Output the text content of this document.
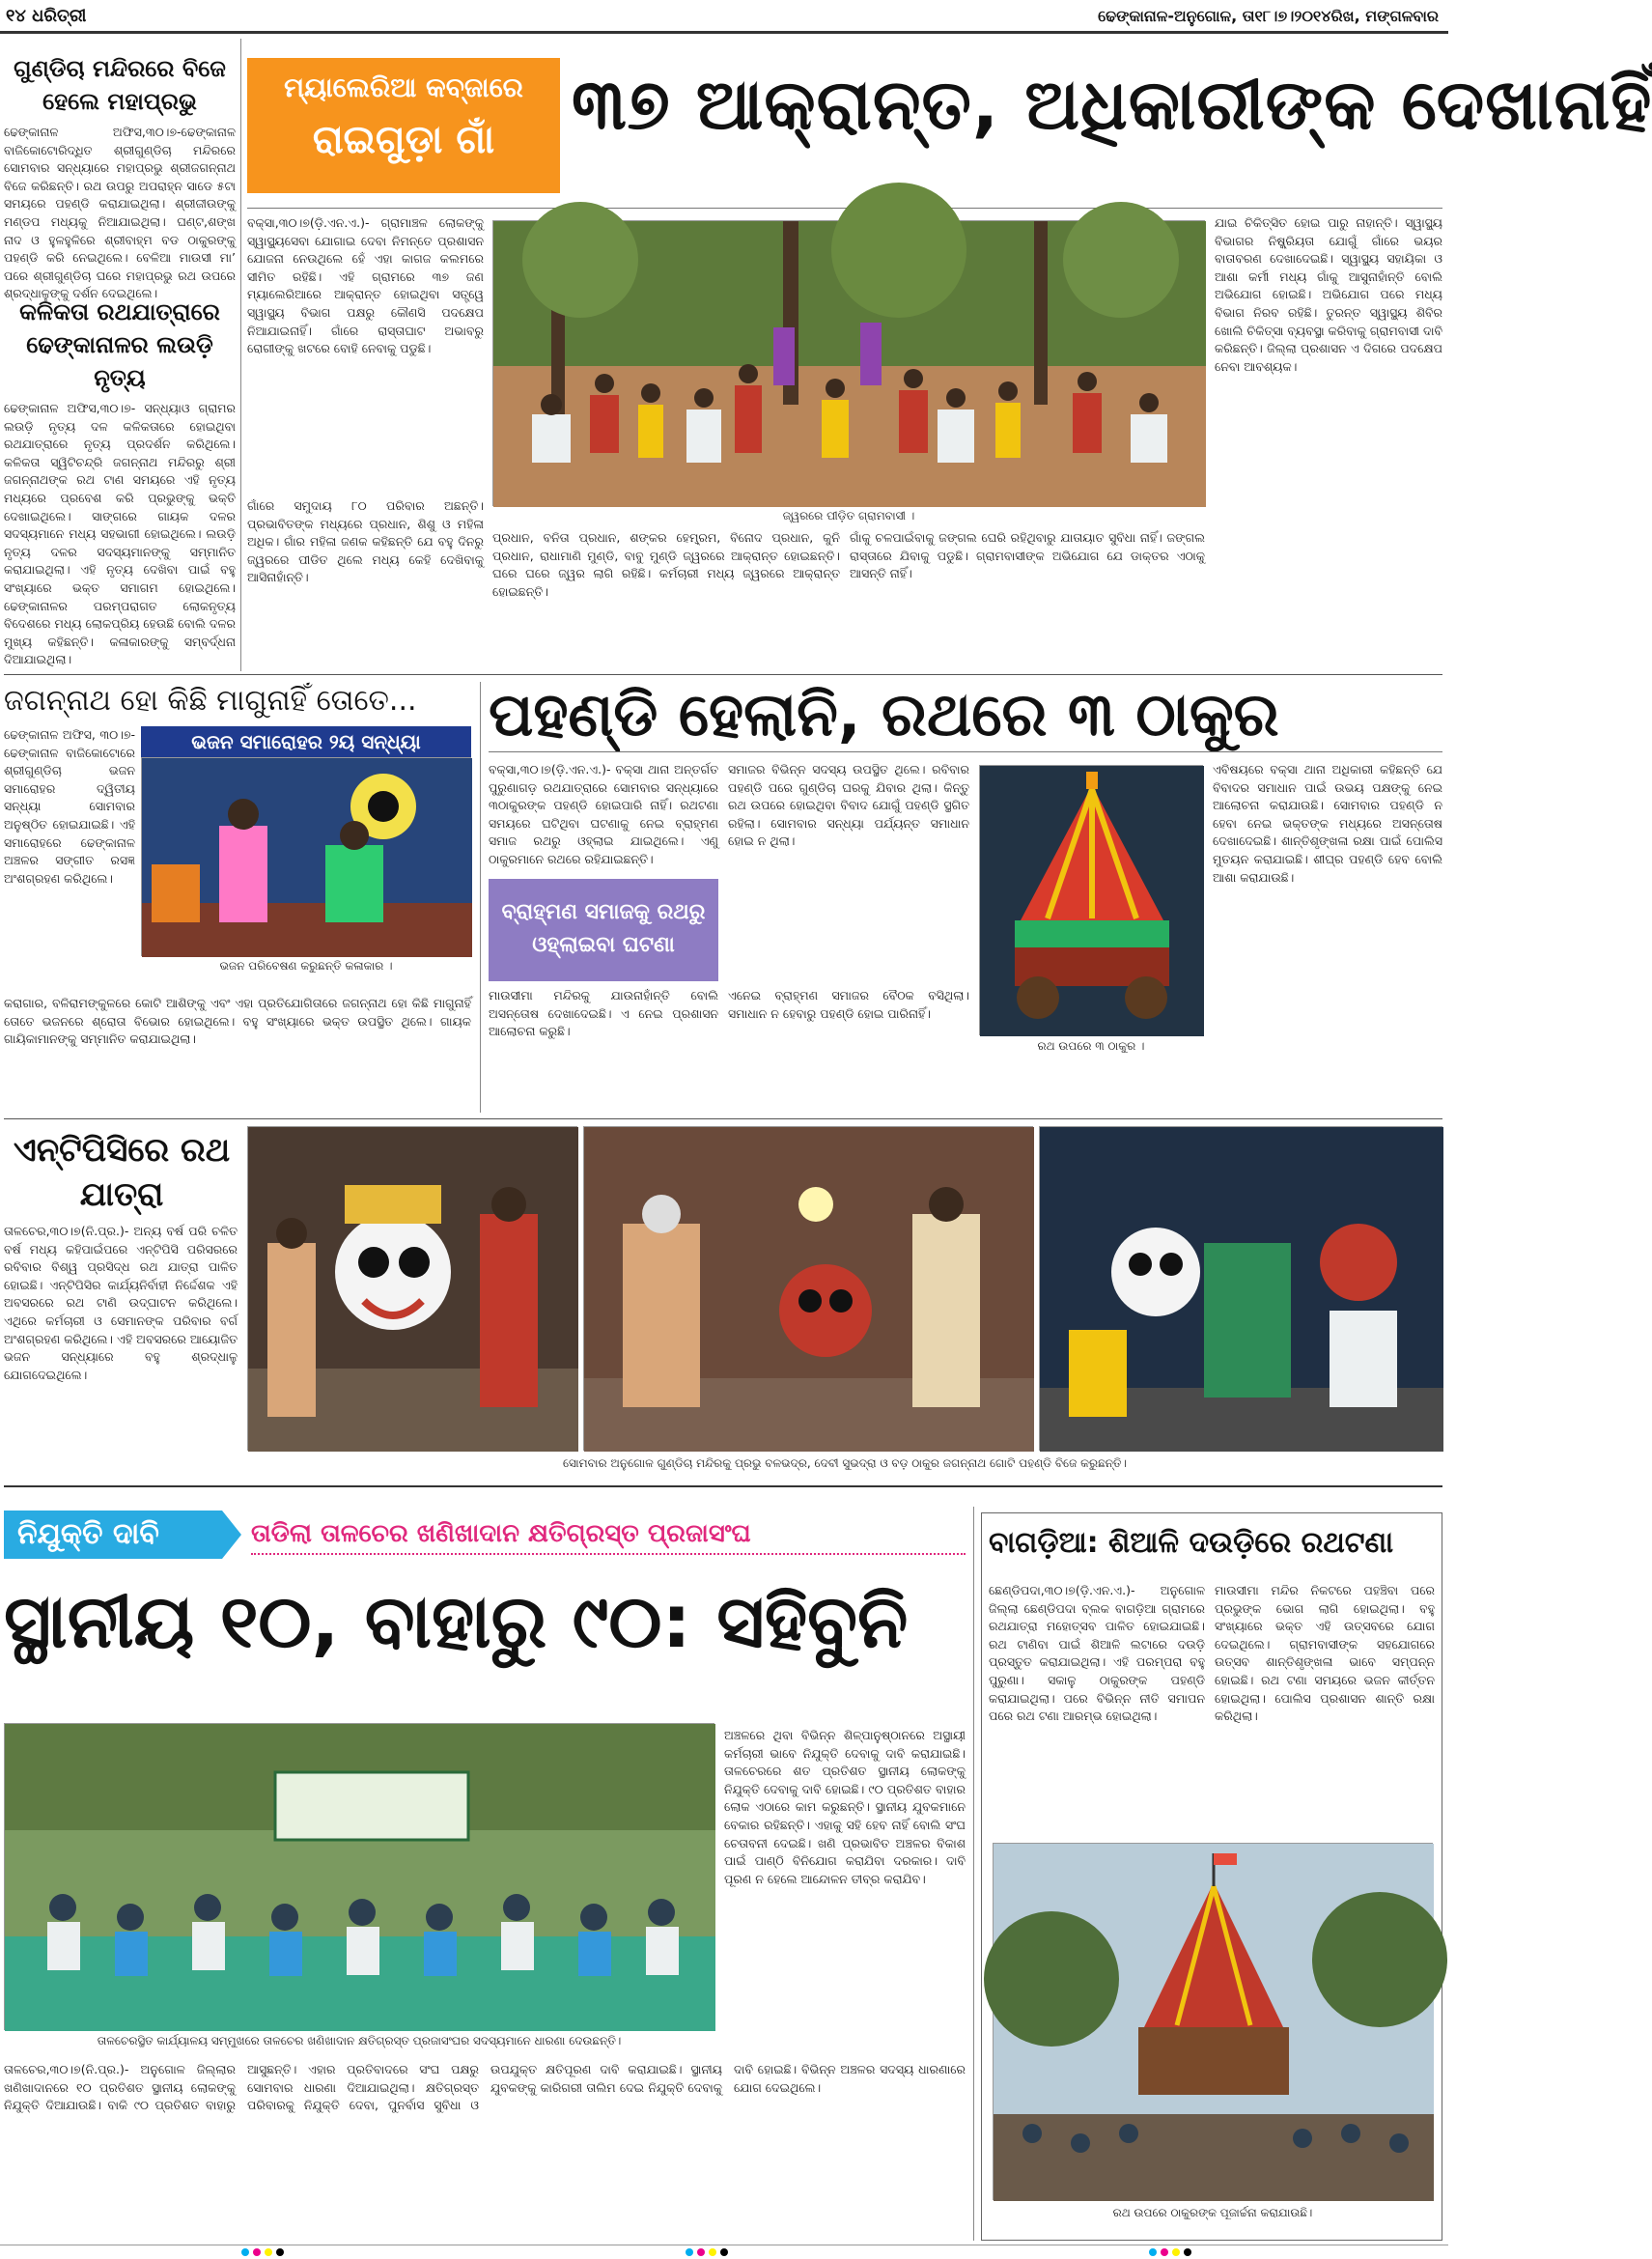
୧୪ ଧରିତ୍ରୀ	ଢେଙ୍କାନାଳ-ଅନୁଗୋଳ, ତା୧୮।୭।୨୦୧୪ରିଖ, ମଙ୍ଗଳବାର
ଗୁଣ୍ଡିଚା ମନ୍ଦିରରେ ବିଜେ ହେଲେ ମହାପ୍ରଭୁ
ଢେଙ୍କାନାଳ ଅଫିସ,୩୦।୭-ଢେଙ୍କାନାଳ ବାଜିକୋଟୋରିଦ୍ଧିତ ଶ୍ରୀଗୁଣ୍ଡିଚା ମନ୍ଦିରରେ ସୋମବାର ସନ୍ଧ୍ୟାରେ ମହାପ୍ରଭୁ ଶ୍ରୀଜଗନ୍ନାଥ ବିଜେ କରିଛନ୍ତି। ରଥ ଉପରୁ ଅପରାହ୍ନ ସାଡେ ୫ଟା ସମୟରେ ପହଣ୍ଡି କରାଯାଇଥିଲା। ଶ୍ରୀଜୀଉଙ୍କୁ ମଣ୍ଡପ ମଧ୍ୟକୁ ନିଆଯାଇଥିଲା। ଘଣ୍ଟ,ଶଙ୍ଖ ନାଦ ଓ ହୁଳହୁଳିରେ ଶ୍ରୀବାହ୍ମ ବଡ ଠାକୁରଙ୍କୁ ପହଣ୍ଡି କରି ନେଇଥିଲେ। ବେଳିଆ ମାଉସୀ ମା’ ପରେ ଶ୍ରୀଗୁଣ୍ଡିଚା ଘରେ ମହାପ୍ରଭୁ ରଥ ଉପରେ ଶ୍ରଦ୍ଧାଳୁଙ୍କୁ ଦର୍ଶନ ଦେଇଥିଲେ।
କଳିକତା ରଥଯାତ୍ରାରେ ଢେଙ୍କାନାଳର ଲଉଡ଼ି ନୃତ୍ୟ
ଢେଙ୍କାନାଳ ଅଫିସ,୩୦।୭- ସନ୍ଧ୍ୟାଓ ଗ୍ରାମର ଲଉଡ଼ି ନୃତ୍ୟ ଦଳ କଳିକତାରେ ହୋଇଥିବା ରଥଯାତ୍ରାରେ ନୃତ୍ୟ ପ୍ରଦର୍ଶନ କରିଥିଲେ। କଳିକତା ସ୍ୱିଟିଚନ୍ଦ୍ରି ଜଗନ୍ନାଥ ମନ୍ଦିରରୁ ଶ୍ରୀ ଜଗନ୍ନାଥଙ୍କ ରଥ ଟାଣ ସମୟରେ ଏହି ନୃତ୍ୟ ମଧ୍ୟରେ ପ୍ରବେଶ କରି ପ୍ରଭୁଙ୍କୁ ଭକ୍ତି ଦେଖାଇଥିଲେ। ସାଙ୍ଗରେ ଗାୟକ ଦଳର ସଦସ୍ୟମାନେ ମଧ୍ୟ ସହଭାଗୀ ହୋଇଥିଲେ। ଲଉଡ଼ି ନୃତ୍ୟ ଦଳର ସଦସ୍ୟମାନଙ୍କୁ ସମ୍ମାନିତ କରାଯାଇଥିଲା। ଏହି ନୃତ୍ୟ ଦେଖିବା ପାଇଁ ବହୁ ସଂଖ୍ୟାରେ ଭକ୍ତ ସମାଗମ ହୋଇଥିଲେ। ଢେଙ୍କାନାଳର ପରମ୍ପରାଗତ ଲୋକନୃତ୍ୟ ବିଦେଶରେ ମଧ୍ୟ ଲୋକପ୍ରିୟ ହେଉଛି ବୋଲି ଦଳର ମୁଖ୍ୟ କହିଛନ୍ତି। କଳାକାରଙ୍କୁ ସମ୍ବର୍ଦ୍ଧନା ଦିଆଯାଇଥିଲା।
ମ୍ୟାଲେରିଆ କବ୍‌ଜାରେ
ରାଇଗୁଡ଼ା ଗାଁ	୩୭ ଆକ୍ରାନ୍ତ, ଅଧିକାରୀଙ୍କ ଦେଖାନାହିଁ
ବକ୍ସା,୩୦।୭(ଡ଼ି.ଏନ.ଏ.)- ଗ୍ରାମାଞ୍ଚଳ ଲୋକଙ୍କୁ ସ୍ୱାସ୍ଥ୍ୟସେବା ଯୋଗାଇ ଦେବା ନିମନ୍ତେ ପ୍ରଶାସନ ଯୋଜନା ନେଉଥିଲେ ହେଁ ଏହା କାଗଜ କଲମରେ ସୀମିତ ରହିଛି। ଏହି ଗ୍ରାମରେ ୩୭ ଜଣ ମ୍ୟାଲେରିଆରେ ଆକ୍ରାନ୍ତ ହୋଇଥିବା ସତ୍ତ୍ୱେ ସ୍ୱାସ୍ଥ୍ୟ ବିଭାଗ ପକ୍ଷରୁ କୌଣସି ପଦକ୍ଷେପ ନିଆଯାଇନାହିଁ। ଗାଁରେ ରାସ୍ତାଘାଟ ଅଭାବରୁ ରୋଗୀଙ୍କୁ ଖଟରେ ବୋହି ନେବାକୁ ପଡୁଛି।
ଗାଁରେ ସମୁଦାୟ ୮୦ ପରିବାର ଅଛନ୍ତି। ପ୍ରଭାବିତଙ୍କ ମଧ୍ୟରେ ପ୍ରଧାନ, ଶିଶୁ ଓ ମହିଳା ଅଧିକ। ଗାଁର ମହିଳା ଜଣକ କହିଛନ୍ତି ଯେ ବହୁ ଦିନରୁ ଜ୍ୱରରେ ପୀଡିତ ଥିଲେ ମଧ୍ୟ କେହି ଦେଖିବାକୁ ଆସିନାହାଁନ୍ତି।
ଜ୍ୱରରେ ପୀଡ଼ିତ ଗ୍ରାମବାସୀ ।
ପ୍ରଧାନ, ବନିତା ପ୍ରଧାନ, ଶଙ୍କର ହେମ୍ବ୍ରମ, ବିନୋଦ ପ୍ରଧାନ, କୁନି ପ୍ରଧାନ, ରାଧାମାଣି ମୁଣ୍ଡି, ବାବୁ ମୁଣ୍ଡି ଜ୍ୱରରେ ଆକ୍ରାନ୍ତ ହୋଇଛନ୍ତି। ଘରେ ଘରେ ଜ୍ୱର ଲାଗି ରହିଛି। କର୍ମଚାରୀ ମଧ୍ୟ ଜ୍ୱରରେ ଆକ୍ରାନ୍ତ ହୋଇଛନ୍ତି।
ଗାଁକୁ ଚଳପାଇଁବାକୁ ଜଙ୍ଗଲ ଘେରି ରହିଥିବାରୁ ଯାତାୟାତ ସୁବିଧା ନାହିଁ। ଜଙ୍ଗଲ ରାସ୍ତାରେ ଯିବାକୁ ପଡୁଛି। ଗ୍ରାମବାସୀଙ୍କ ଅଭିଯୋଗ ଯେ ଡାକ୍ତର ଏଠାକୁ ଆସନ୍ତି ନାହିଁ।
ଯାଇ ଚିକିତ୍ସିତ ହୋଇ ପାରୁ ନାହାନ୍ତି। ସ୍ୱାସ୍ଥ୍ୟ ବିଭାଗର ନିଷ୍କ୍ରିୟତା ଯୋଗୁଁ ଗାଁରେ ଭୟର ବାତାବରଣ ଦେଖାଦେଇଛି। ସ୍ୱାସ୍ଥ୍ୟ ସହାୟିକା ଓ ଆଶା କର୍ମୀ ମଧ୍ୟ ଗାଁକୁ ଆସୁନାହାଁନ୍ତି ବୋଲି ଅଭିଯୋଗ ହୋଇଛି। ଅଭିଯୋଗ ପରେ ମଧ୍ୟ ବିଭାଗ ନିରବ ରହିଛି। ତୁରନ୍ତ ସ୍ୱାସ୍ଥ୍ୟ ଶିବିର ଖୋଲି ଚିକିତ୍ସା ବ୍ୟବସ୍ଥା କରିବାକୁ ଗ୍ରାମବାସୀ ଦାବି କରିଛନ୍ତି। ଜିଲ୍ଲା ପ୍ରଶାସନ ଏ ଦିଗରେ ପଦକ୍ଷେପ ନେବା ଆବଶ୍ୟକ।
ଜଗନ୍ନାଥ ହୋ କିଛି ମାଗୁନାହିଁ ତୋତେ...
ଢେଙ୍କାନାଳ ଅଫିସ, ୩୦।୭-ଢେଙ୍କାନାଳ ବାଜିକୋଟୋରେ ଶ୍ରୀଗୁଣ୍ଡିଚା ଭଜନ ସମାରୋହର ଦ୍ୱିତୀୟ ସନ୍ଧ୍ୟା ସୋମବାର ଅନୁଷ୍ଠିତ ହୋଇଯାଇଛି। ଏହି ସମାରୋହରେ ଢେଙ୍କାନାଳ ଅଞ୍ଚଳର ସଙ୍ଗୀତ ରସଜ୍ଞ ଅଂଶଗ୍ରହଣ କରିଥିଲେ।
ଭଜନ ସମାରୋହର ୨ୟ ସନ୍ଧ୍ୟା
ଭଜନ ପରିବେଷଣ କରୁଛନ୍ତି କଳାକାର ।
କରାଗାର, ବଳିରାମଙ୍କୁଳରେ କୋଟି ଆଶିଙ୍କୁ ଏବଂ ଏହା ପ୍ରତିଯୋଗିତାରେ ଜଗନ୍ନାଥ ହୋ କିଛି ମାଗୁନାହିଁ ତୋତେ ଭଜନରେ ଶ୍ରୋତା ବିଭୋର ହୋଇଥିଲେ। ବହୁ ସଂଖ୍ୟାରେ ଭକ୍ତ ଉପସ୍ଥିତ ଥିଲେ। ଗାୟକ ଗାୟିକାମାନଙ୍କୁ ସମ୍ମାନିତ କରାଯାଇଥିଲା।
ପହଣ୍ଡି ହେଲାନି, ରଥରେ ୩ ଠାକୁର
ବକ୍ସା,୩୦।୭(ଡ଼ି.ଏନ.ଏ.)- ବକ୍ସା ଥାନା ଅନ୍ତର୍ଗତ ପୁରୁଣାଗଡ଼ ରଥଯାତ୍ରାରେ ସୋମବାର ସନ୍ଧ୍ୟାରେ ୩ଠାକୁରଙ୍କ ପହଣ୍ଡି ହୋଇପାରି ନାହିଁ। ରଥଟଣା ସମୟରେ ଘଟିଥିବା ଘଟଣାକୁ ନେଇ ବ୍ରାହ୍ମଣ ସମାଜ ରଥରୁ ଓହ୍ଲାଇ ଯାଇଥିଲେ। ଏଣୁ ଠାକୁରମାନେ ରଥରେ ରହିଯାଇଛନ୍ତି।
ବ୍ରାହ୍ମଣ ସମାଜକୁ ରଥରୁ ଓହ୍ଲାଇବା ଘଟଣା
ମାଉସୀମା ମନ୍ଦିରକୁ ଯାଉନାହାଁନ୍ତି ବୋଲି ଅସନ୍ତୋଷ ଦେଖାଦେଇଛି। ଏ ନେଇ ପ୍ରଶାସନ ଆଲୋଚନା କରୁଛି।
ସମାଜର ବିଭିନ୍ନ ସଦସ୍ୟ ଉପସ୍ଥିତ ଥିଲେ। ରବିବାର ପହଣ୍ଡି ପରେ ଗୁଣ୍ଡିଚା ଘରକୁ ଯିବାର ଥିଲା। କିନ୍ତୁ ରଥ ଉପରେ ହୋଇଥିବା ବିବାଦ ଯୋଗୁଁ ପହଣ୍ଡି ସ୍ଥଗିତ ରହିଲା। ସୋମବାର ସନ୍ଧ୍ୟା ପର୍ଯ୍ୟନ୍ତ ସମାଧାନ ହୋଇ ନ ଥିଲା।
ଏନେଇ ବ୍ରାହ୍ମଣ ସମାଜର ବୈଠକ ବସିଥିଲା। ସମାଧାନ ନ ହେବାରୁ ପହଣ୍ଡି ହୋଇ ପାରିନାହିଁ।
ରଥ ଉପରେ ୩ ଠାକୁର ।
ଏବିଷୟରେ ବକ୍ସା ଥାନା ଅଧିକାରୀ କହିଛନ୍ତି ଯେ ବିବାଦର ସମାଧାନ ପାଇଁ ଉଭୟ ପକ୍ଷଙ୍କୁ ନେଇ ଆଲୋଚନା କରାଯାଉଛି। ସୋମବାର ପହଣ୍ଡି ନ ହେବା ନେଇ ଭକ୍ତଙ୍କ ମଧ୍ୟରେ ଅସନ୍ତୋଷ ଦେଖାଦେଇଛି। ଶାନ୍ତିଶୃଙ୍ଖଳା ରକ୍ଷା ପାଇଁ ପୋଲିସ ମୁତୟନ କରାଯାଇଛି। ଶୀଘ୍ର ପହଣ୍ଡି ହେବ ବୋଲି ଆଶା କରାଯାଉଛି।
ଏନ୍‌ଟିପିସିରେ ରଥ ଯାତ୍ରା
ତାଳଚେର,୩୦।୭(ନି.ପ୍ର.)- ଅନ୍ୟ ବର୍ଷ ପରି ଚଳିତ ବର୍ଷ ମଧ୍ୟ କହିପାଇଁପରେ ଏନ୍‌ଟିପିସି ପରିସରରେ ରବିବାର ବିଶ୍ୱ ପ୍ରସିଦ୍ଧ ରଥ ଯାତ୍ରା ପାଳିତ ହୋଇଛି। ଏନ୍‌ଟିପିସିର କାର୍ଯ୍ୟନିର୍ବାହୀ ନିର୍ଦ୍ଦେଶକ ଏହି ଅବସରରେ ରଥ ଟାଣି ଉଦ୍‌ଘାଟନ କରିଥିଲେ। ଏଥିରେ କର୍ମଚାରୀ ଓ ସେମାନଙ୍କ ପରିବାର ବର୍ଗ ଅଂଶଗ୍ରହଣ କରିଥିଲେ। ଏହି ଅବସରରେ ଆୟୋଜିତ ଭଜନ ସନ୍ଧ୍ୟାରେ ବହୁ ଶ୍ରଦ୍ଧାଳୁ ଯୋଗଦେଇଥିଲେ।
ସୋମବାର ଅନୁଗୋଳ ଗୁଣ୍ଡିଚା ମନ୍ଦିରକୁ ପ୍ରଭୁ ବଳଭଦ୍ର, ଦେବୀ ସୁଭଦ୍ରା ଓ ବଡ଼ ଠାକୁର ଜଗନ୍ନାଥ ଗୋଟି ପହଣ୍ଡି ବିଜେ କରୁଛନ୍ତି।
ନିଯୁକ୍ତି ଦାବି	ତାଡିଲା ତାଳଚେର ଖଣିଖାଦାନ କ୍ଷତିଗ୍ରସ୍ତ ପ୍ରଜାସଂଘ
ସ୍ଥାନୀୟ ୧୦, ବାହାରୁ ୯୦: ସହିବୁନି
ତାଳଚେରସ୍ଥିତ କାର୍ଯ୍ୟାଳୟ ସମ୍ମୁଖରେ ତାଳଚେର ଖଣିଖାଦାନ କ୍ଷତିଗ୍ରସ୍ତ ପ୍ରଜାସଂଘର ସଦସ୍ୟମାନେ ଧାରଣା ଦେଉଛନ୍ତି।
ଅଞ୍ଚଳରେ ଥିବା ବିଭିନ୍ନ ଶିଳ୍ପାନୁଷ୍ଠାନରେ ଅସ୍ଥାୟୀ କର୍ମଚାରୀ ଭାବେ ନିଯୁକ୍ତି ଦେବାକୁ ଦାବି କରାଯାଇଛି। ତାଳଚେରରେ ଶତ ପ୍ରତିଶତ ସ୍ଥାନୀୟ ଲୋକଙ୍କୁ ନିଯୁକ୍ତି ଦେବାକୁ ଦାବି ହୋଇଛି। ୯୦ ପ୍ରତିଶତ ବାହାର ଲୋକ ଏଠାରେ କାମ କରୁଛନ୍ତି। ସ୍ଥାନୀୟ ଯୁବକମାନେ ବେକାର ରହିଛନ୍ତି। ଏହାକୁ ସହି ହେବ ନାହିଁ ବୋଲି ସଂଘ ଚେତାବନୀ ଦେଇଛି। ଖଣି ପ୍ରଭାବିତ ଅଞ୍ଚଳର ବିକାଶ ପାଇଁ ପାଣ୍ଠି ବିନିଯୋଗ କରାଯିବା ଦରକାର। ଦାବି ପୂରଣ ନ ହେଲେ ଆନ୍ଦୋଳନ ତୀବ୍ର କରାଯିବ।
ତାଳଚେର,୩୦।୭(ନି.ପ୍ର.)- ଅନୁଗୋଳ ଜିଲ୍ଲାର ଖଣିଖାଦାନରେ ୧୦ ପ୍ରତିଶତ ସ୍ଥାନୀୟ ଲୋକଙ୍କୁ ନିଯୁକ୍ତି ଦିଆଯାଉଛି। ବାକି ୯୦ ପ୍ରତିଶତ ବାହାରୁ ଆସୁଛନ୍ତି। ଏହାର ପ୍ରତିବାଦରେ ସଂଘ ପକ୍ଷରୁ ସୋମବାର ଧାରଣା ଦିଆଯାଇଥିଲା। କ୍ଷତିଗ୍ରସ୍ତ ପରିବାରକୁ ନିଯୁକ୍ତି ଦେବା, ପୁନର୍ବାସ ସୁବିଧା ଓ ଉପଯୁକ୍ତ କ୍ଷତିପୂରଣ ଦାବି କରାଯାଇଛି। ସ୍ଥାନୀୟ ଯୁବକଙ୍କୁ କାରିଗରୀ ତାଲିମ ଦେଇ ନିଯୁକ୍ତି ଦେବାକୁ ଦାବି ହୋଇଛି। ବିଭିନ୍ନ ଅଞ୍ଚଳର ସଦସ୍ୟ ଧାରଣାରେ ଯୋଗ ଦେଇଥିଲେ।
ବାଗଡ଼ିଆ: ଶିଆଳି ଦଉଡ଼ିରେ ରଥଟଣା
ଛେଣ୍ଡିପଦା,୩୦।୭(ଡ଼ି.ଏନ.ଏ.)- ଅନୁଗୋଳ ଜିଲ୍ଲା ଛେଣ୍ଡିପଦା ବ୍ଲକ ବାଗଡ଼ିଆ ଗ୍ରାମରେ ରଥଯାତ୍ରା ମହୋତ୍ସବ ପାଳିତ ହୋଇଯାଇଛି। ରଥ ଟାଣିବା ପାଇଁ ଶିଆଳି ଲଟାରେ ଦଉଡ଼ି ପ୍ରସ୍ତୁତ କରାଯାଇଥିଲା। ଏହି ପରମ୍ପରା ବହୁ ପୁରୁଣା। ସକାଳୁ ଠାକୁରଙ୍କ ପହଣ୍ଡି କରାଯାଇଥିଲା। ପରେ ବିଭିନ୍ନ ନୀତି ସମାପନ ପରେ ରଥ ଟଣା ଆରମ୍ଭ ହୋଇଥିଲା।
ମାଉସୀମା ମନ୍ଦିର ନିକଟରେ ପହଞ୍ଚିବା ପରେ ପ୍ରଭୁଙ୍କ ଭୋଗ ଲାଗି ହୋଇଥିଲା। ବହୁ ସଂଖ୍ୟାରେ ଭକ୍ତ ଏହି ଉତ୍ସବରେ ଯୋଗ ଦେଇଥିଲେ। ଗ୍ରାମବାସୀଙ୍କ ସହଯୋଗରେ ଉତ୍ସବ ଶାନ୍ତିଶୃଙ୍ଖଳା ଭାବେ ସମ୍ପନ୍ନ ହୋଇଛି। ରଥ ଟଣା ସମୟରେ ଭଜନ କୀର୍ତ୍ତନ ହୋଇଥିଲା। ପୋଲିସ ପ୍ରଶାସନ ଶାନ୍ତି ରକ୍ଷା କରିଥିଲା।
ରଥ ଉପରେ ଠାକୁରଙ୍କ ପୂଜାର୍ଚ୍ଚନା କରାଯାଉଛି।
